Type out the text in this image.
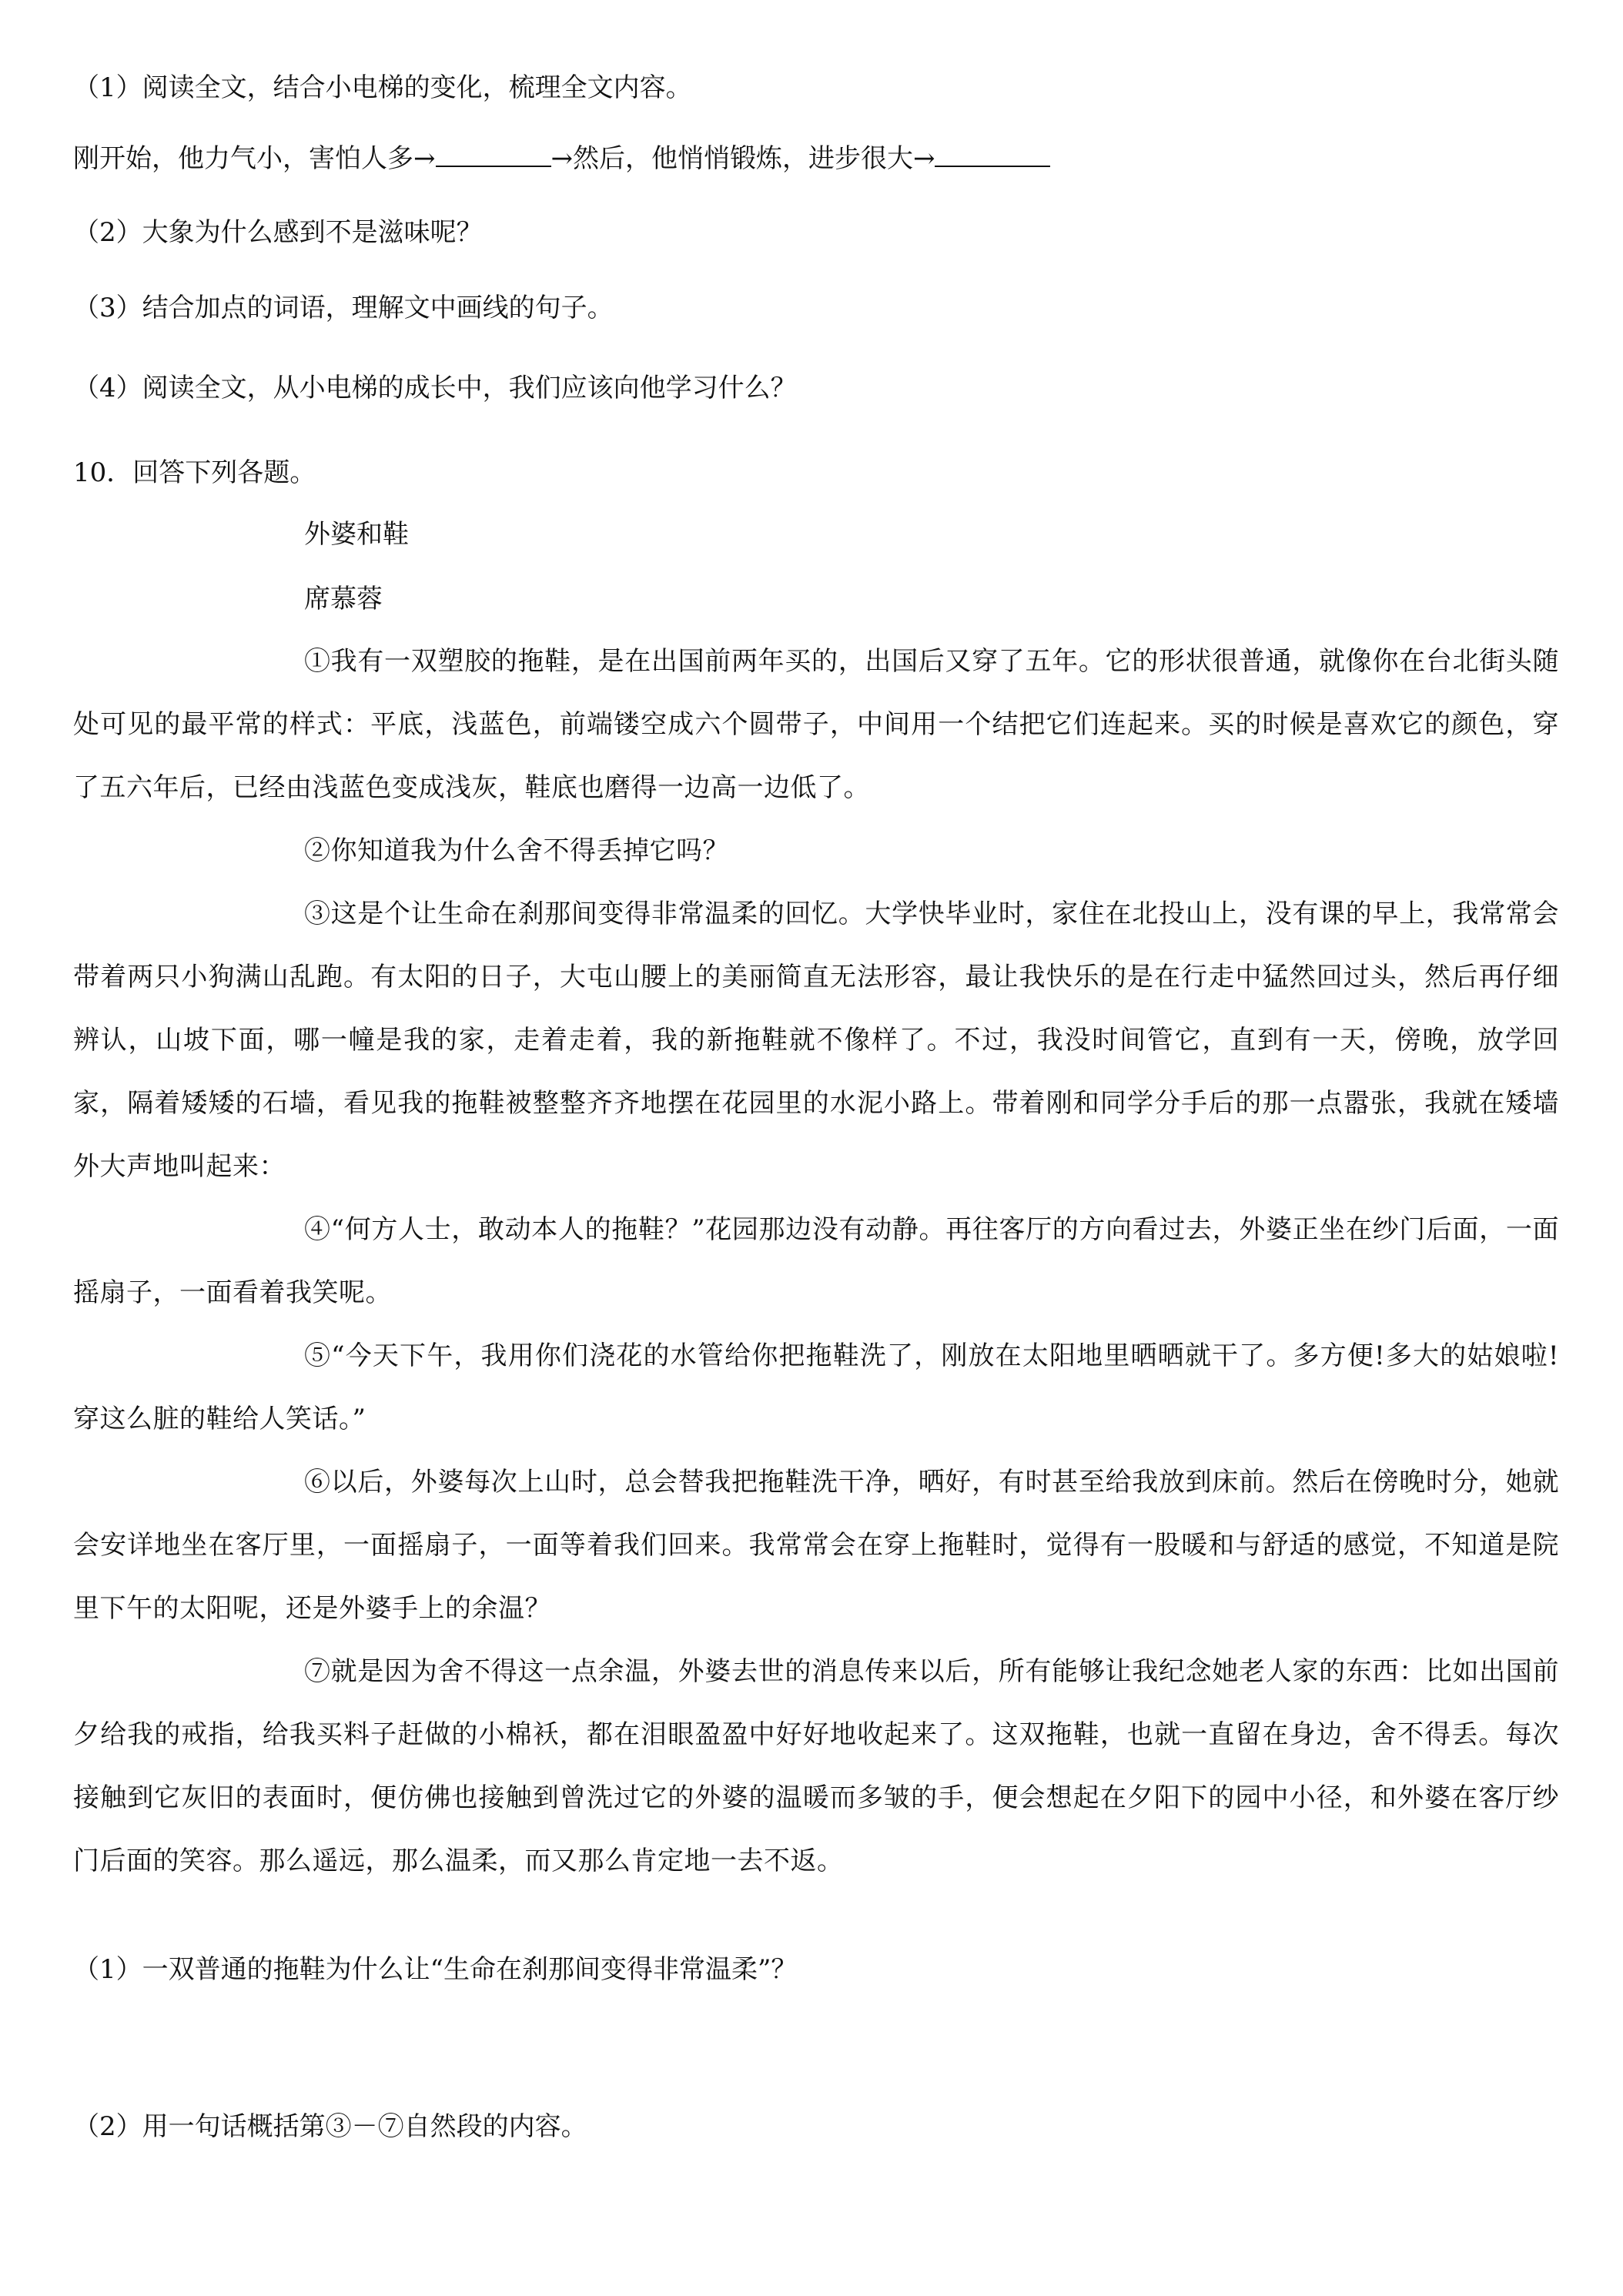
（1）阅读全文，结合小电梯的变化，梳理全文内容。
刚开始，他力气小，害怕人多→	→然后，他悄悄锻炼，进步很大→
（2）大象为什么感到不是滋味呢？
（3）结合加点的词语，理解文中画线的句子。
（4）阅读全文，从小电梯的成长中，我们应该向他学习什么？
10．回答下列各题。
外婆和鞋
席慕蓉
①我有一双塑胶的拖鞋，是在出国前两年买的，出国后又穿了五年。它的形状很普通，就像你在台北街头随处可见的最平常的样式：平底，浅蓝色，前端镂空成六个圆带子，中间用一个结把它们连起来。买的时候是喜欢它的颜色，穿了五六年后，已经由浅蓝色变成浅灰，鞋底也磨得一边高一边低了。
②你知道我为什么舍不得丢掉它吗？
③这是个让生命在刹那间变得非常温柔的回忆。大学快毕业时，家住在北投山上，没有课的早上，我常常会带着两只小狗满山乱跑。有太阳的日子，大屯山腰上的美丽简直无法形容，最让我快乐的是在行走中猛然回过头，然后再仔细辨认，山坡下面，哪一幢是我的家，走着走着，我的新拖鞋就不像样了。不过，我没时间管它，直到有一天，傍晚，放学回家，隔着矮矮的石墙，看见我的拖鞋被整整齐齐地摆在花园里的水泥小路上。带着刚和同学分手后的那一点嚣张，我就在矮墙外大声地叫起来：
④“何方人士，敢动本人的拖鞋？”花园那边没有动静。再往客厅的方向看过去，外婆正坐在纱门后面，一面摇扇子，一面看着我笑呢。
⑤“今天下午，我用你们浇花的水管给你把拖鞋洗了，刚放在太阳地里晒晒就干了。多方便!多大的姑娘啦!穿这么脏的鞋给人笑话。”
⑥以后，外婆每次上山时，总会替我把拖鞋洗干净，晒好，有时甚至给我放到床前。然后在傍晚时分，她就会安详地坐在客厅里，一面摇扇子，一面等着我们回来。我常常会在穿上拖鞋时，觉得有一股暖和与舒适的感觉，不知道是院里下午的太阳呢，还是外婆手上的余温？
⑦就是因为舍不得这一点余温，外婆去世的消息传来以后，所有能够让我纪念她老人家的东西：比如出国前夕给我的戒指，给我买料子赶做的小棉袄，都在泪眼盈盈中好好地收起来了。这双拖鞋，也就一直留在身边，舍不得丢。每次接触到它灰旧的表面时，便仿佛也接触到曾洗过它的外婆的温暖而多皱的手，便会想起在夕阳下的园中小径，和外婆在客厅纱门后面的笑容。那么遥远，那么温柔，而又那么肯定地一去不返。
（1）一双普通的拖鞋为什么让“生命在刹那间变得非常温柔”？
（2）用一句话概括第③－⑦自然段的内容。
